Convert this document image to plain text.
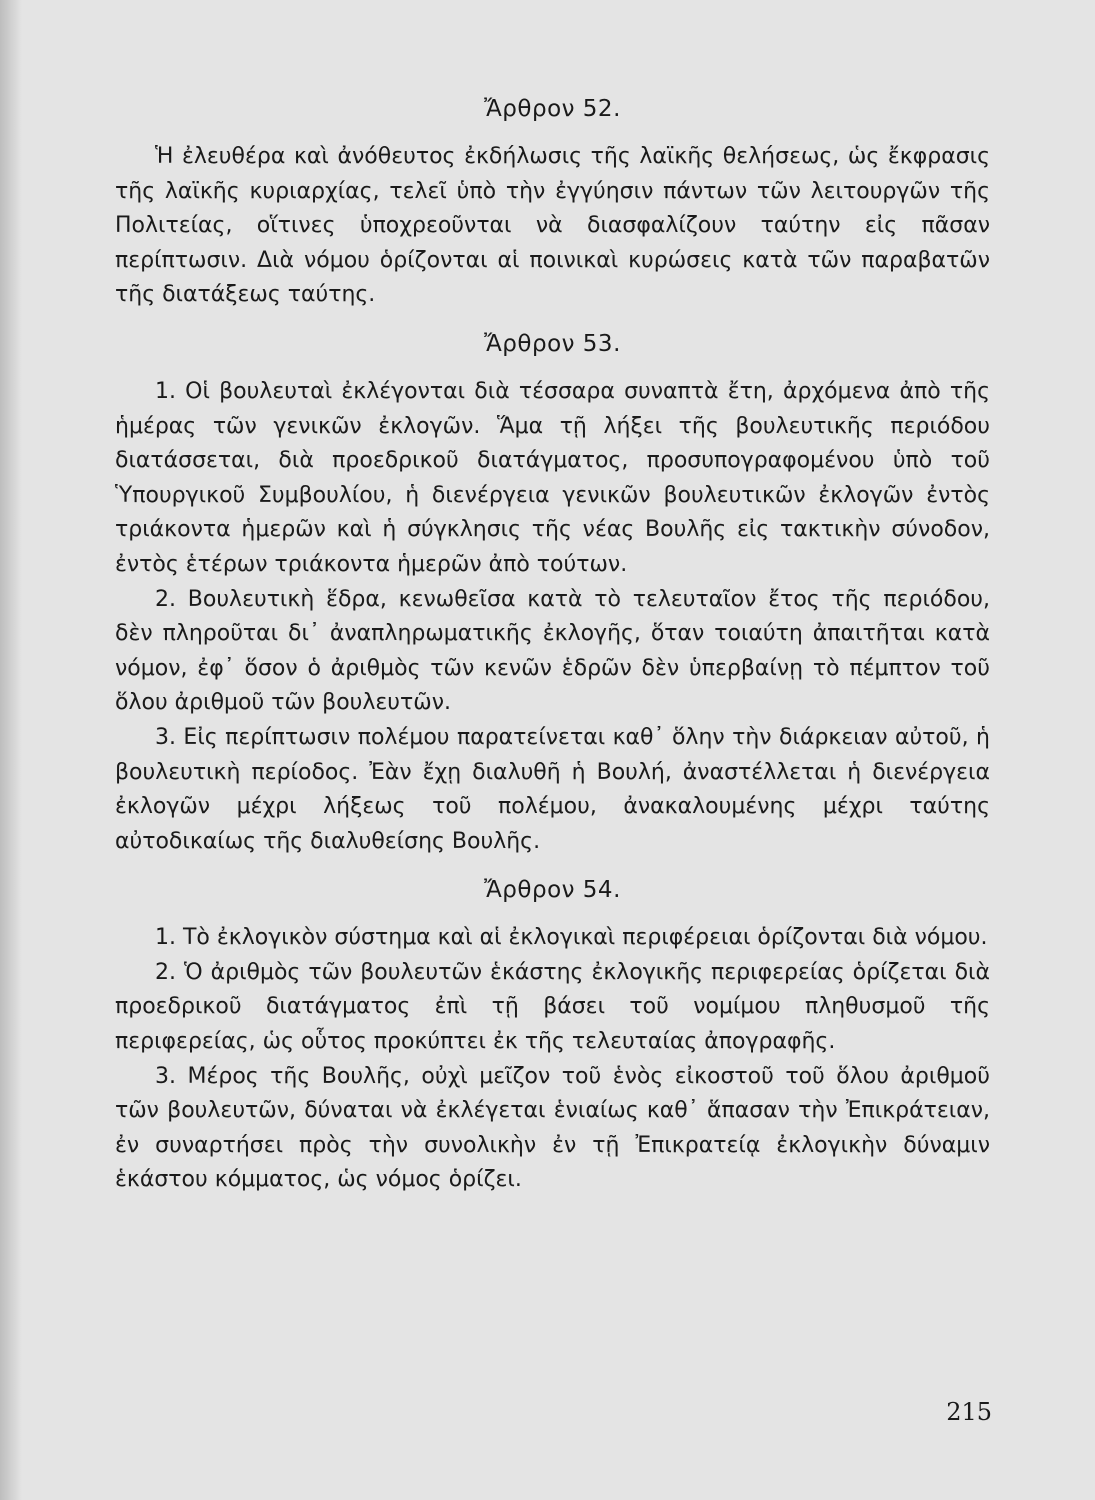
Ἄρθρον 52.

Ἡ ἐλευθέρα καὶ ἀνόθευτος ἐκδήλωσις τῆς λαϊκῆς θελήσεως, ὡς ἔκφρασις τῆς λαϊκῆς κυριαρχίας, τελεῖ ὑπὸ τὴν ἐγγύησιν πάντων τῶν λειτουργῶν τῆς Πολιτείας, οἵτινες ὑποχρεοῦνται νὰ διασφαλίζουν ταύτην εἰς πᾶσαν περίπτωσιν. Διὰ νόμου ὁρίζονται αἱ ποινικαὶ κυρώσεις κατὰ τῶν παραβατῶν τῆς διατάξεως ταύτης.

Ἄρθρον 53.

1. Οἱ βουλευταὶ ἐκλέγονται διὰ τέσσαρα συναπτὰ ἔτη, ἀρχόμενα ἀπὸ τῆς ἡμέρας τῶν γενικῶν ἐκλογῶν. Ἅμα τῇ λήξει τῆς βουλευτικῆς περιόδου διατάσσεται, διὰ προεδρικοῦ διατάγματος, προσυπογραφομένου ὑπὸ τοῦ Ὑπουργικοῦ Συμβουλίου, ἡ διενέργεια γενικῶν βουλευτικῶν ἐκλογῶν ἐντὸς τριάκοντα ἡμερῶν καὶ ἡ σύγκλησις τῆς νέας Βουλῆς εἰς τακτικὴν σύνοδον, ἐντὸς ἑτέρων τριάκοντα ἡμερῶν ἀπὸ τούτων.

2. Βουλευτικὴ ἕδρα, κενωθεῖσα κατὰ τὸ τελευταῖον ἔτος τῆς περιόδου, δὲν πληροῦται δι᾽ ἀναπληρωματικῆς ἐκλογῆς, ὅταν τοιαύτη ἀπαιτῆται κατὰ νόμον, ἐφ᾽ ὅσον ὁ ἀριθμὸς τῶν κενῶν ἑδρῶν δὲν ὑπερβαίνῃ τὸ πέμπτον τοῦ ὅλου ἀριθμοῦ τῶν βουλευτῶν.

3. Εἰς περίπτωσιν πολέμου παρατείνεται καθ᾽ ὅλην τὴν διάρκειαν αὐτοῦ, ἡ βουλευτικὴ περίοδος. Ἐὰν ἔχῃ διαλυθῆ ἡ Βουλή, ἀναστέλλεται ἡ διενέργεια ἐκλογῶν μέχρι λήξεως τοῦ πολέμου, ἀνακαλουμένης μέχρι ταύτης αὐτοδικαίως τῆς διαλυθείσης Βουλῆς.

Ἄρθρον 54.

1. Τὸ ἐκλογικὸν σύστημα καὶ αἱ ἐκλογικαὶ περιφέρειαι ὁρίζονται διὰ νόμου.

2. Ὁ ἀριθμὸς τῶν βουλευτῶν ἑκάστης ἐκλογικῆς περιφερείας ὁρίζεται διὰ προεδρικοῦ διατάγματος ἐπὶ τῇ βάσει τοῦ νομίμου πληθυσμοῦ τῆς περιφερείας, ὡς οὗτος προκύπτει ἐκ τῆς τελευταίας ἀπογραφῆς.

3. Μέρος τῆς Βουλῆς, οὐχὶ μεῖζον τοῦ ἑνὸς εἰκοστοῦ τοῦ ὅλου ἀριθμοῦ τῶν βουλευτῶν, δύναται νὰ ἐκλέγεται ἑνιαίως καθ᾽ ἅπασαν τὴν Ἐπικράτειαν, ἐν συναρτήσει πρὸς τὴν συνολικὴν ἐν τῇ Ἐπικρατείᾳ ἐκλογικὴν δύναμιν ἑκάστου κόμματος, ὡς νόμος ὁρίζει.

215
